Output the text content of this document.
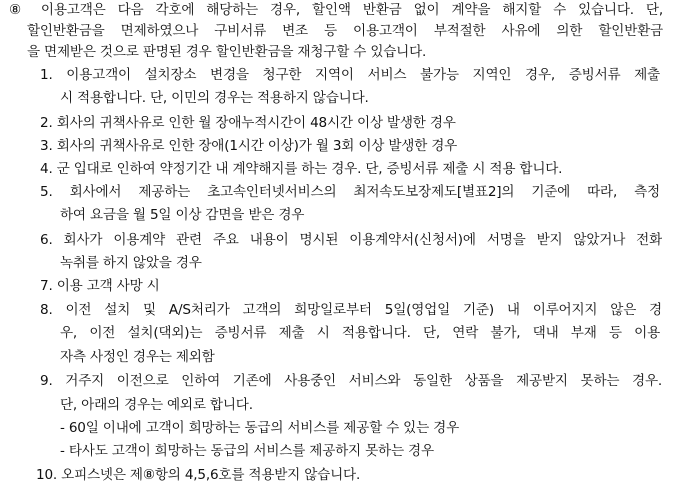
⑧ 이용고객은 다음 각호에 해당하는 경우, 할인액 반환금 없이 계약을 해지할 수 있습니다. 단,
할인반환금을 면제하였으나 구비서류 변조 등 이용고객이 부적절한 사유에 의한 할인반환금
을 면제받은 것으로 판명된 경우 할인반환금을 재청구할 수 있습니다.
1. 이용고객이 설치장소 변경을 청구한 지역이 서비스 불가능 지역인 경우, 증빙서류 제출
시 적용합니다. 단, 이민의 경우는 적용하지 않습니다.
2. 회사의 귀책사유로 인한 월 장애누적시간이 48시간 이상 발생한 경우
3. 회사의 귀책사유로 인한 장애(1시간 이상)가 월 3회 이상 발생한 경우
4. 군 입대로 인하여 약정기간 내 계약해지를 하는 경우. 단, 증빙서류 제출 시 적용 합니다.
5. 회사에서 제공하는 초고속인터넷서비스의 최저속도보장제도[별표2]의 기준에 따라, 측정
하여 요금을 월 5일 이상 감면을 받은 경우
6. 회사가 이용계약 관련 주요 내용이 명시된 이용계약서(신청서)에 서명을 받지 않았거나 전화
녹취를 하지 않았을 경우
7. 이용 고객 사망 시
8. 이전 설치 및 A/S처리가 고객의 희망일로부터 5일(영업일 기준) 내 이루어지지 않은 경
우, 이전 설치(댁외)는 증빙서류 제출 시 적용합니다. 단, 연락 불가, 댁내 부재 등 이용
자측 사정인 경우는 제외함
9. 거주지 이전으로 인하여 기존에 사용중인 서비스와 동일한 상품을 제공받지 못하는 경우.
단, 아래의 경우는 예외로 합니다.
- 60일 이내에 고객이 희망하는 동급의 서비스를 제공할 수 있는 경우
- 타사도 고객이 희망하는 동급의 서비스를 제공하지 못하는 경우
10. 오피스넷은 제⑧항의 4,5,6호를 적용받지 않습니다.
